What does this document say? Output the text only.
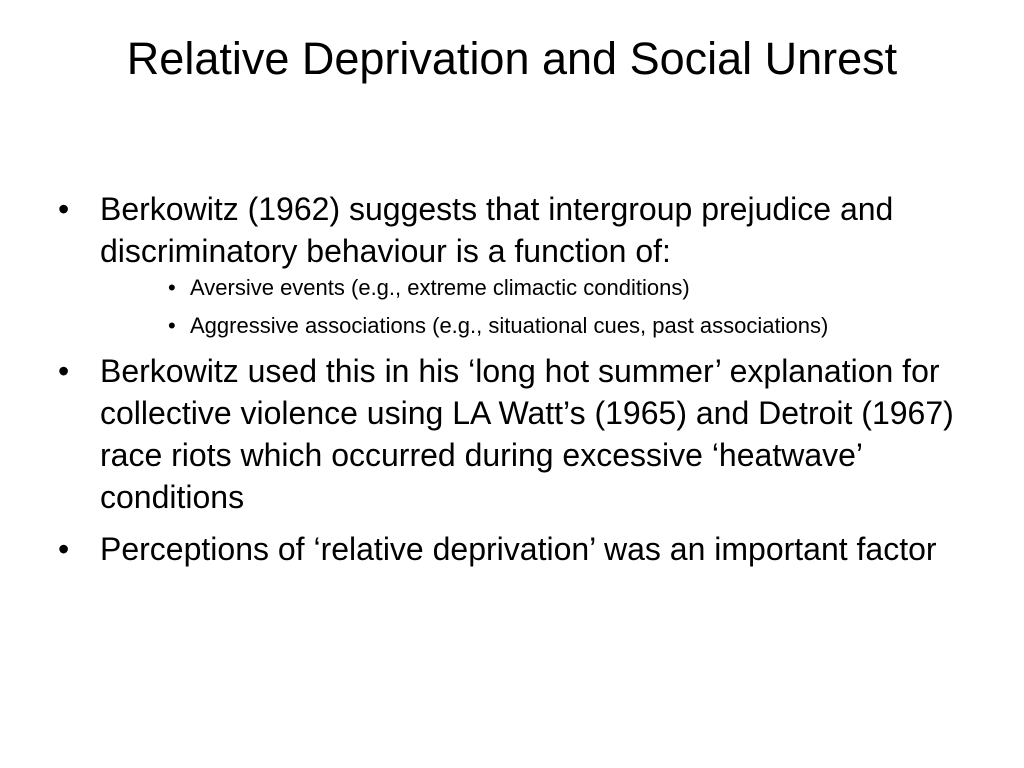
Relative Deprivation and Social Unrest
• Berkowitz (1962) suggests that intergroup prejudice and discriminatory behaviour is a function of:
• Aversive events (e.g., extreme climactic conditions)
• Aggressive associations (e.g., situational cues, past associations)
• Berkowitz used this in his ‘long hot summer’ explanation for collective violence using LA Watt’s (1965) and Detroit (1967) race riots which occurred during excessive ‘heatwave’ conditions
• Perceptions of ‘relative deprivation’ was an important factor
